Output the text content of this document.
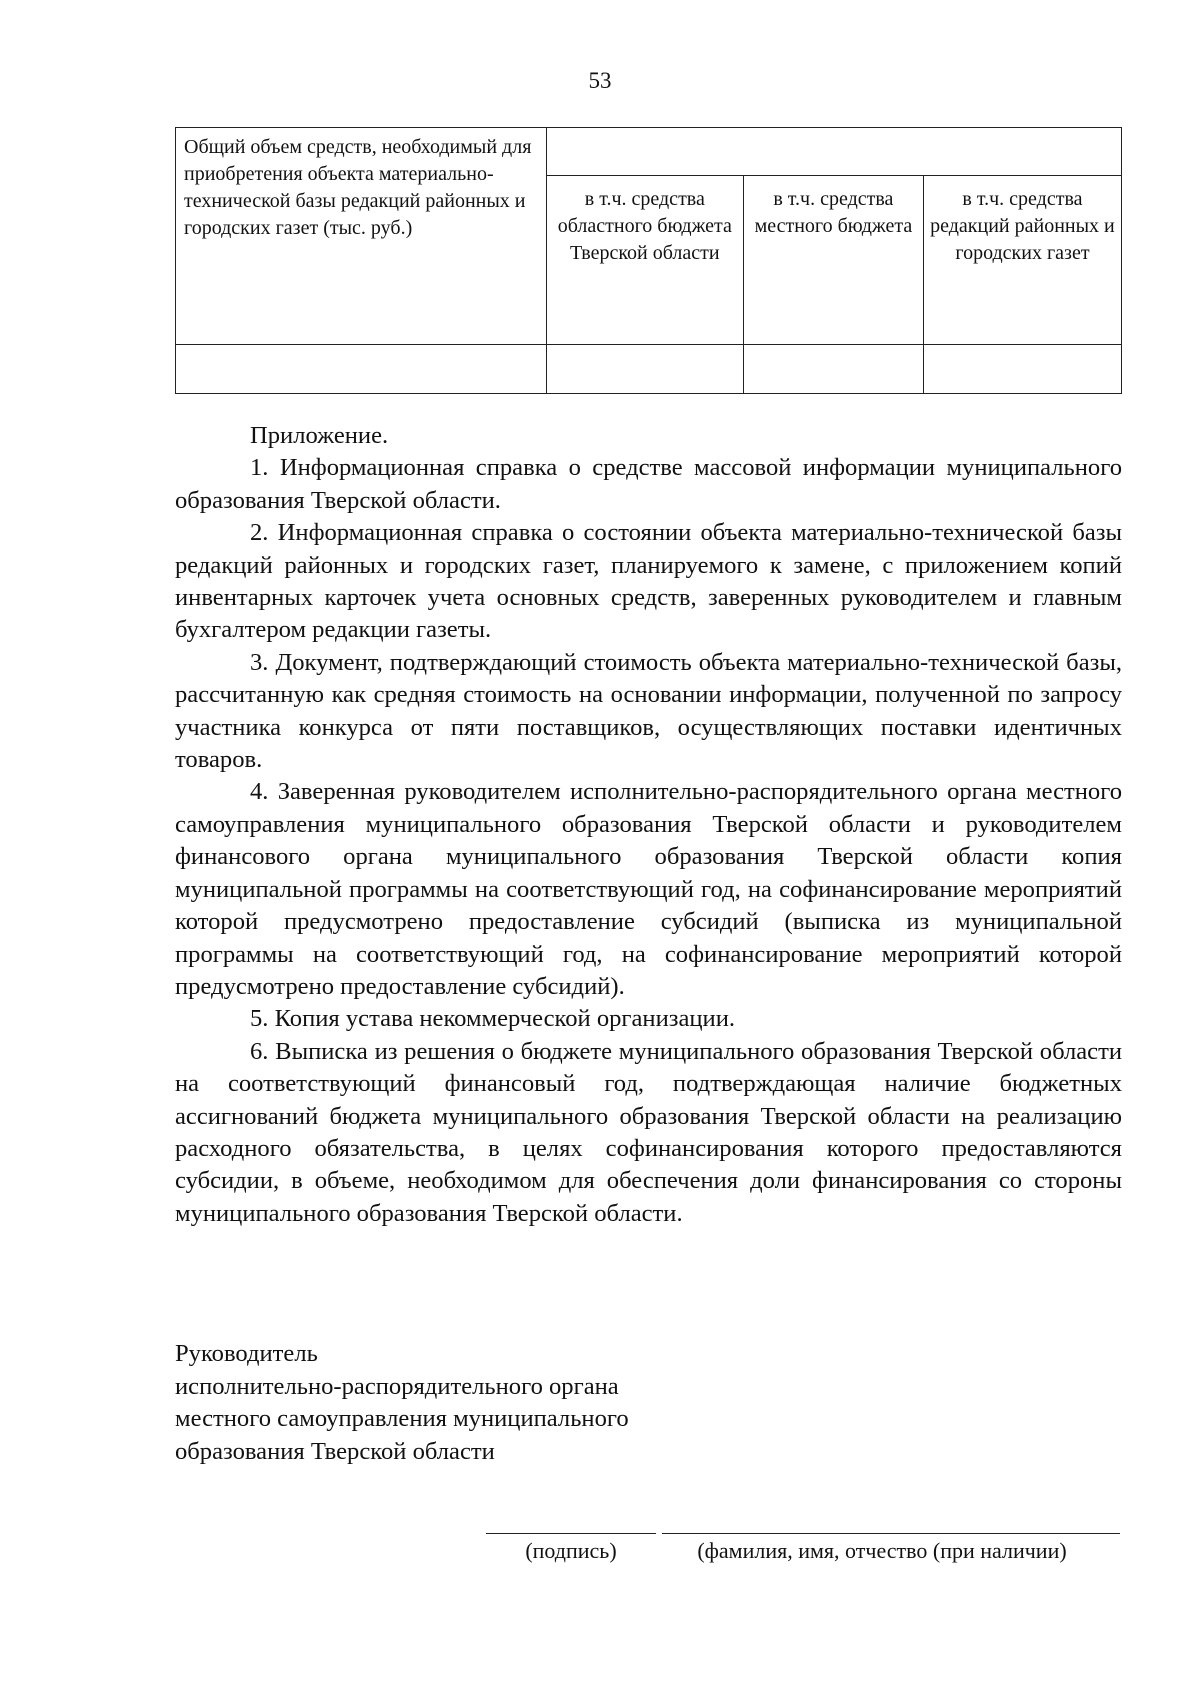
53
Общий объем средств, необходимый для приобретения объекта материально-технической базы редакций районных и городских газет (тыс. руб.)			
	в т.ч. средства областного бюджета Тверской области	в т.ч. средства местного бюджета	в т.ч. средства редакций районных и городских газет

Приложение.

1. Информационная справка о средстве массовой информации муниципального образования Тверской области.

2. Информационная справка о состоянии объекта материально-технической базы редакций районных и городских газет, планируемого к замене, с приложением копий инвентарных карточек учета основных средств, заверенных руководителем и главным бухгалтером редакции газеты.

3. Документ, подтверждающий стоимость объекта материально-технической базы, рассчитанную как средняя стоимость на основании информации, полученной по запросу участника конкурса от пяти поставщиков, осуществляющих поставки идентичных товаров.

4. Заверенная руководителем исполнительно-распорядительного органа местного самоуправления муниципального образования Тверской области и руководителем финансового органа муниципального образования Тверской области копия муниципальной программы на соответствующий год, на софинансирование мероприятий которой предусмотрено предоставление субсидий (выписка из муниципальной программы на соответствующий год, на софинансирование мероприятий которой предусмотрено предоставление субсидий).

5. Копия устава некоммерческой организации.

6. Выписка из решения о бюджете муниципального образования Тверской области на соответствующий финансовый год, подтверждающая наличие бюджетных ассигнований бюджета муниципального образования Тверской области на реализацию расходного обязательства, в целях софинансирования которого предоставляются субсидии, в объеме, необходимом для обеспечения доли финансирования со стороны муниципального образования Тверской области.

Руководитель
исполнительно-распорядительного органа
местного самоуправления муниципального
образования Тверской области
(подпись)	(фамилия, имя, отчество (при наличии)
